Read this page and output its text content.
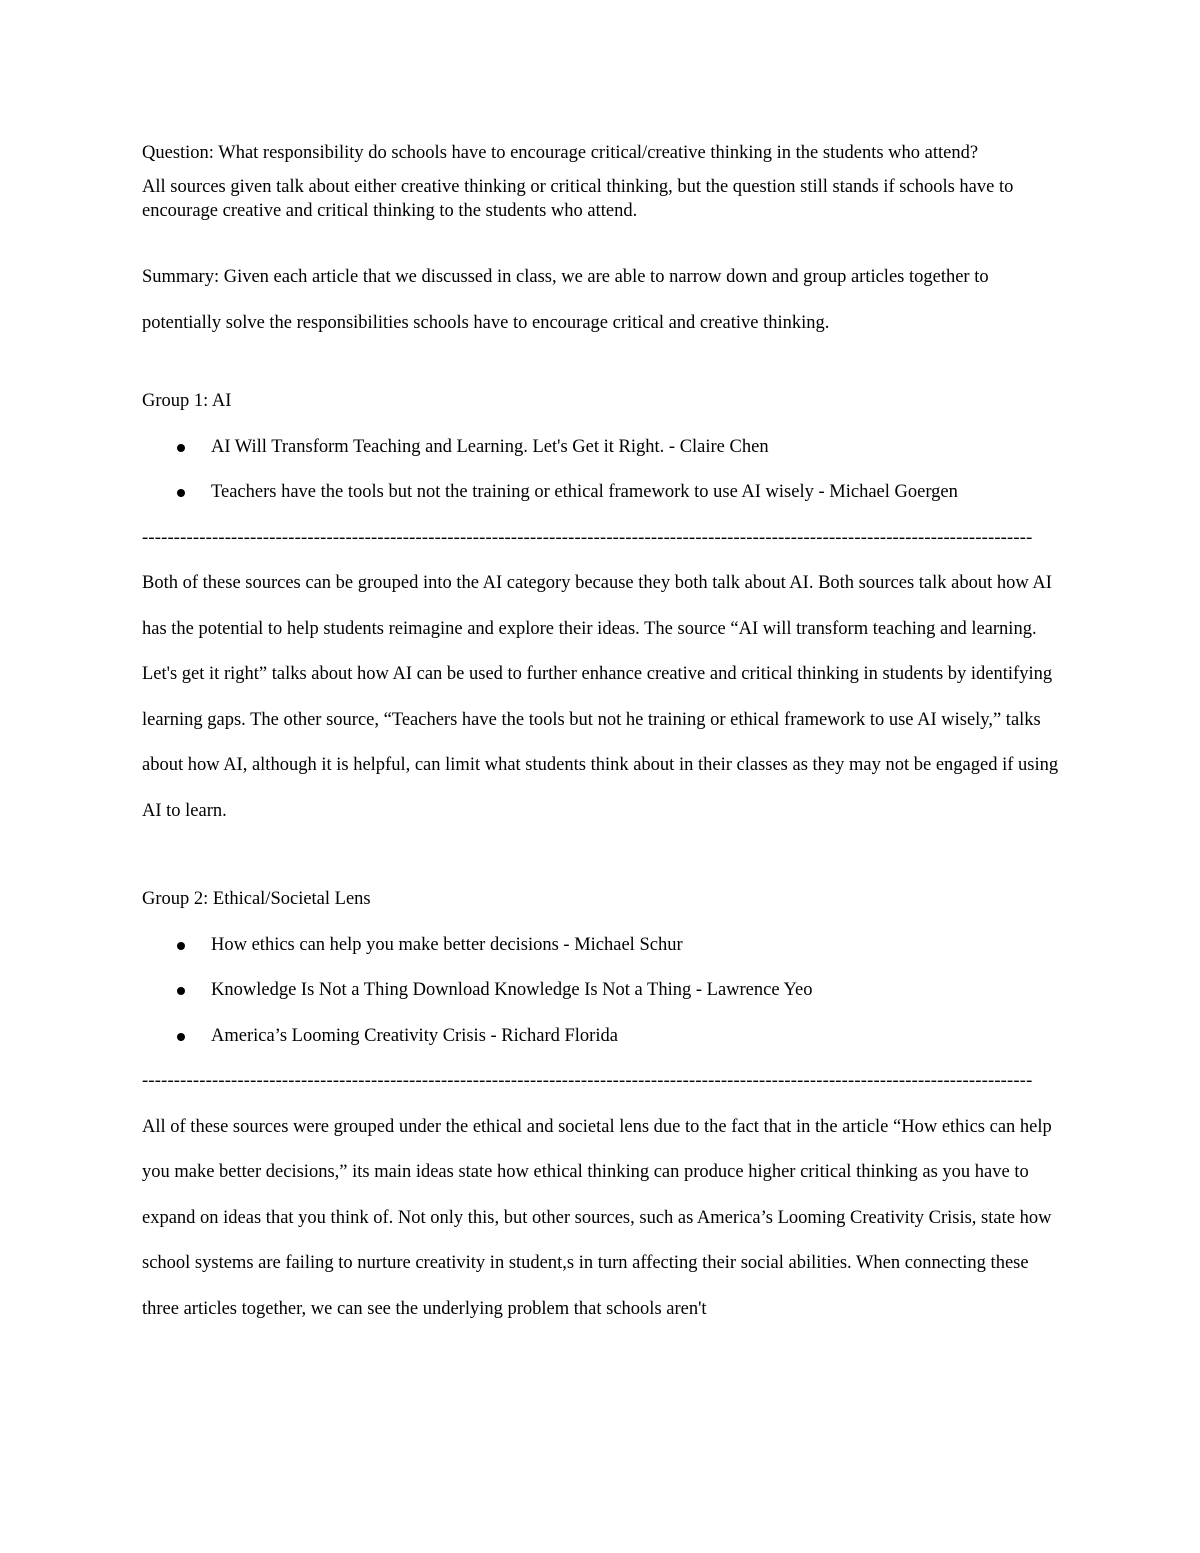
Question: What responsibility do schools have to encourage critical/creative thinking in the students who attend?

All sources given talk about either creative thinking or critical thinking, but the question still stands if schools have to encourage creative and critical thinking to the students who attend.

Summary: Given each article that we discussed in class, we are able to narrow down and group articles together to potentially solve the responsibilities schools have to encourage critical and creative thinking.

Group 1: AI

AI Will Transform Teaching and Learning. Let's Get it Right. - Claire Chen
Teachers have the tools but not the training or ethical framework to use AI wisely - Michael Goergen

--------------------------------------------------------------------------------------------------------------------------------------------

Both of these sources can be grouped into the AI category because they both talk about AI. Both sources talk about how AI has the potential to help students reimagine and explore their ideas. The source “AI will transform teaching and learning. Let's get it right” talks about how AI can be used to further enhance creative and critical thinking in students by identifying learning gaps. The other source, “Teachers have the tools but not he training or ethical framework to use AI wisely,” talks about how AI, although it is helpful, can limit what students think about in their classes as they may not be engaged if using AI to learn.

Group 2: Ethical/Societal Lens

How ethics can help you make better decisions - Michael Schur
Knowledge Is Not a Thing Download Knowledge Is Not a Thing - Lawrence Yeo
America’s Looming Creativity Crisis - Richard Florida

--------------------------------------------------------------------------------------------------------------------------------------------

All of these sources were grouped under the ethical and societal lens due to the fact that in the article “How ethics can help you make better decisions,” its main ideas state how ethical thinking can produce higher critical thinking as you have to expand on ideas that you think of. Not only this, but other sources, such as America’s Looming Creativity Crisis, state how school systems are failing to nurture creativity in student,s in turn affecting their social abilities. When connecting these three articles together, we can see the underlying problem that schools aren't
